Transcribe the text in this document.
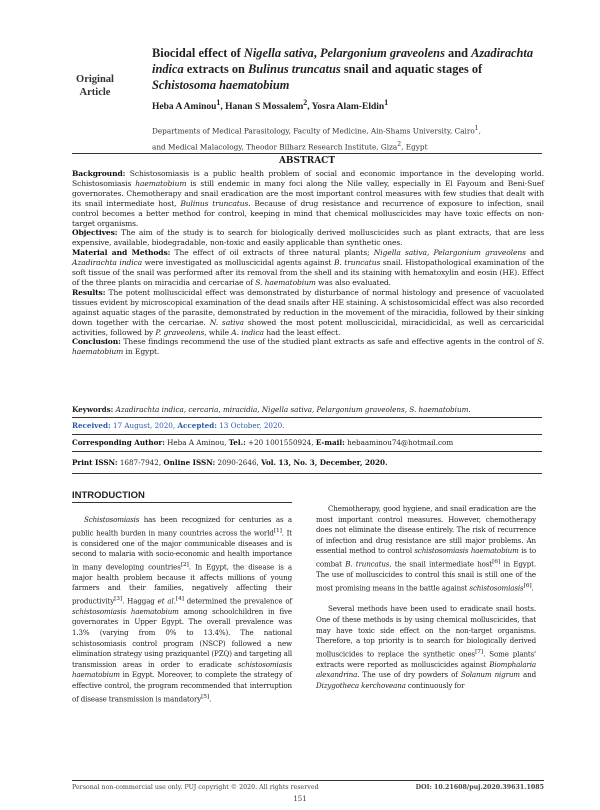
Original
Article
Biocidal effect of Nigella sativa, Pelargonium graveolens and Azadirachta indica extracts on Bulinus truncatus snail and aquatic stages of Schistosoma haematobium
Heba A Aminou$^1$, Hanan S Mossalem$^2$, Yosra Alam-Eldin$^1$
Departments of Medical Parasitology, Faculty of Medicine, Ain-Shams University, Cairo$^1$,
and Medical Malacology, Theodor Bilharz Research Institute, Giza$^2$, Egypt
ABSTRACT

Background: Schistosomiasis is a public health problem of social and economic importance in the developing world. Schistosomiasis haematobium is still endemic in many foci along the Nile valley, especially in El Fayoum and Beni-Suef governorates. Chemotherapy and snail eradication are the most important control measures with few studies that dealt with its snail intermediate host, Bulinus truncatus. Because of drug resistance and recurrence of exposure to infection, snail control becomes a better method for control, keeping in mind that chemical molluscicides may have toxic effects on non-target organisms.

Objectives: The aim of the study is to search for biologically derived molluscicides such as plant extracts, that are less expensive, available, biodegradable, non-toxic and easily applicable than synthetic ones.

Material and Methods: The effect of oil extracts of three natural plants; Nigella sativa, Pelargonium graveolens and Azadirachta indica were investigated as molluscicidal agents against B. truncatus snail. Histopathological examination of the soft tissue of the snail was performed after its removal from the shell and its staining with hematoxylin and eosin (HE). Effect of the three plants on miracidia and cercariae of S. haematobium was also evaluated.

Results: The potent molluscicidal effect was demonstrated by disturbance of normal histology and presence of vacuolated tissues evident by microscopical examination of the dead snails after HE staining. A schistosomicidal effect was also recorded against aquatic stages of the parasite, demonstrated by reduction in the movement of the miracidia, followed by their sinking down together with the cercariae. N. sativa showed the most potent molluscicidal, miracidicidal, as well as cercaricidal activities, followed by P. graveolens, while A. indica had the least effect.

Conclusion: These findings recommend the use of the studied plant extracts as safe and effective agents in the control of S. haematobium in Egypt.

Keywords: Azadirachta indica, cercaria, miracidia, Nigella sativa, Pelargonium graveolens, S. haematobium.
Received: 17 August, 2020, Accepted: 13 October, 2020.
Corresponding Author: Heba A Aminou, Tel.: +20 1001550924, E-mail: hebaaminou74@hotmail.com
Print ISSN: 1687-7942, Online ISSN: 2090-2646, Vol. 13, No. 3, December, 2020.
INTRODUCTION

Schistosomiasis has been recognized for centuries as a public health burden in many countries across the world[1]. It is considered one of the major communicable diseases and is second to malaria with socio-economic and health importance in many developing countries[2]. In Egypt, the disease is a major health problem because it affects millions of young farmers and their families, negatively affecting their productivity[3]. Haggag et al.[4] determined the prevalence of schistosomiasis haematobium among schoolchildren in five governorates in Upper Egypt. The overall prevalence was 1.3% (varying from 0% to 13.4%). The national schistosomiasis control program (NSCP) followed a new elimination strategy using praziquantel (PZQ) and targeting all transmission areas in order to eradicate schistosomiasis haematobium in Egypt. Moreover, to complete the strategy of effective control, the program recommended that interruption of disease transmission is mandatory[5].

Chemotherapy, good hygiene, and snail eradication are the most important control measures. However, chemotherapy does not eliminate the disease entirely. The risk of recurrence of infection and drug resistance are still major problems. An essential method to control schistosomiasis haematobium is to combat B. truncatus, the snail intermediate host[6] in Egypt. The use of molluscicides to control this snail is still one of the most promising means in the battle against schistosomiasis[6].

Several methods have been used to eradicate snail hosts. One of these methods is by using chemical molluscicides, that may have toxic side effect on the non-target organisms. Therefore, a top priority is to search for biologically derived molluscicides to replace the synthetic ones[7]. Some plants' extracts were reported as molluscicides against Biomphalaria alexandrina. The use of dry powders of Solanum nigrum and Dizygotheca kerchoveana continuously for

Personal non-commercial use only. PUJ copyright © 2020. All rights reserved	DOI: 10.21608/puj.2020.39631.1085
151
